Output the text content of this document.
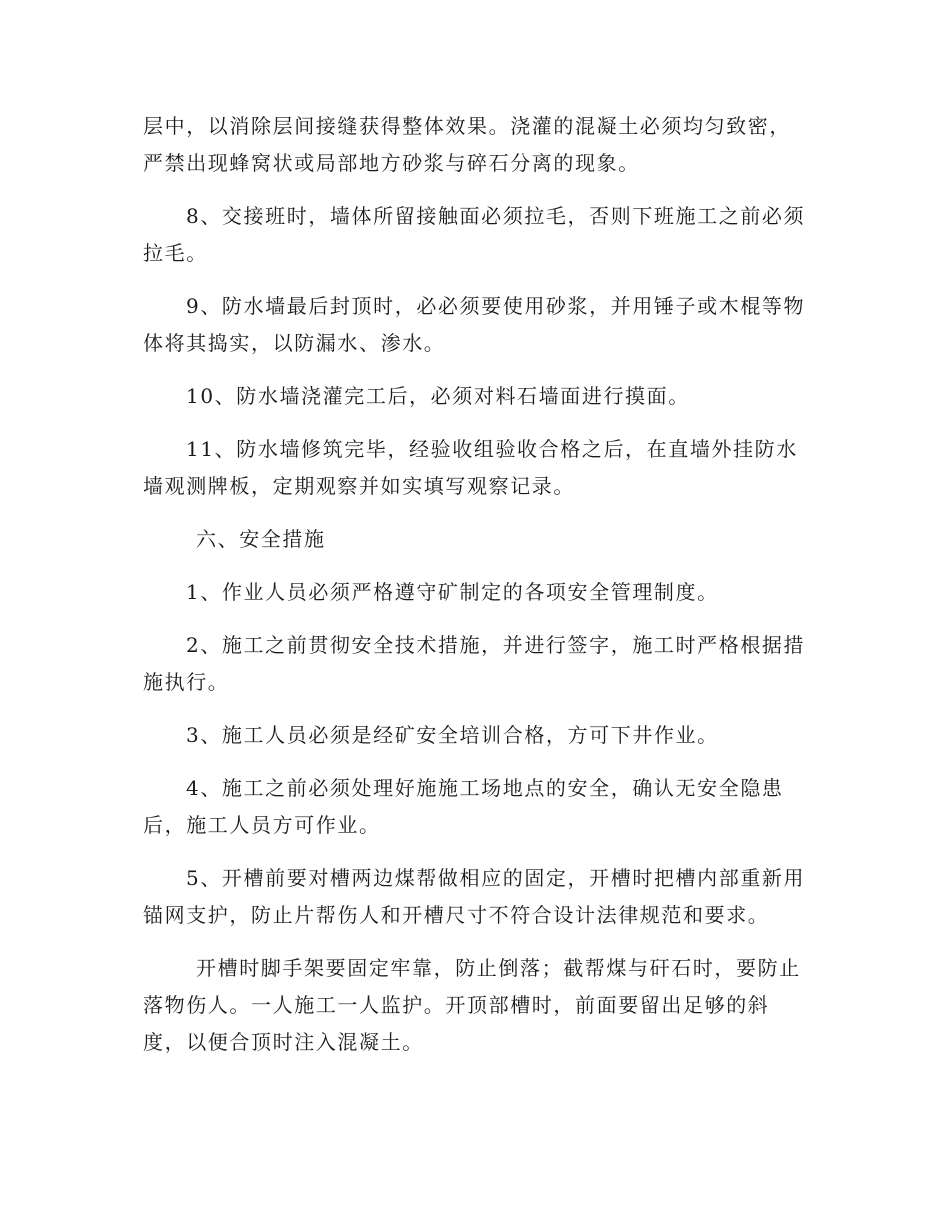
层中，以消除层间接缝获得整体效果。浇灌的混凝土必须均匀致密，
严禁出现蜂窝状或局部地方砂浆与碎石分离的现象。
8、交接班时，墙体所留接触面必须拉毛，否则下班施工之前必须
拉毛。
9、防水墙最后封顶时，必必须要使用砂浆，并用锤子或木棍等物
体将其捣实，以防漏水、渗水。
10、防水墙浇灌完工后，必须对料石墙面进行摸面。
11、防水墙修筑完毕，经验收组验收合格之后，在直墙外挂防水
墙观测牌板，定期观察并如实填写观察记录。
六、安全措施
1、作业人员必须严格遵守矿制定的各项安全管理制度。
2、施工之前贯彻安全技术措施，并进行签字，施工时严格根据措
施执行。
3、施工人员必须是经矿安全培训合格，方可下井作业。
4、施工之前必须处理好施施工场地点的安全，确认无安全隐患
后，施工人员方可作业。
5、开槽前要对槽两边煤帮做相应的固定，开槽时把槽内部重新用
锚网支护，防止片帮伤人和开槽尺寸不符合设计法律规范和要求。
开槽时脚手架要固定牢靠，防止倒落；截帮煤与矸石时，要防止
落物伤人。一人施工一人监护。开顶部槽时，前面要留出足够的斜
度，以便合顶时注入混凝土。
